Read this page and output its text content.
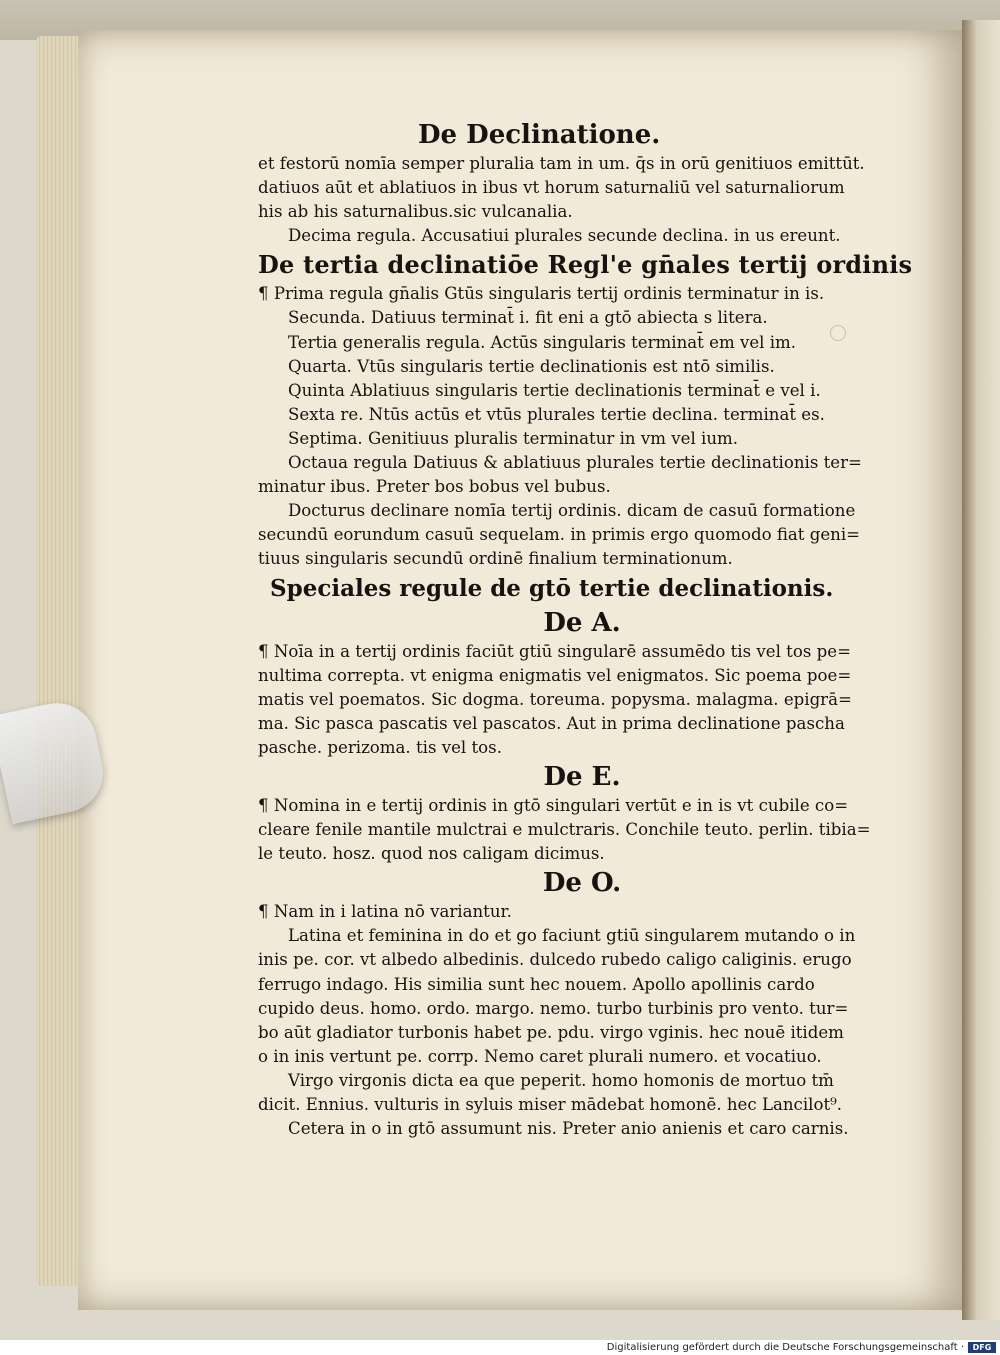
De Declinatione.
et festorū nomīa semper pluralia tam in um. q̄s in orū genitiuos emittūt.
datiuos aūt et ablatiuos in ibus vt horum saturnaliū vel saturnaliorum
his ab his saturnalibus.sic vulcanalia.
Decima regula. Accusatiui plurales secunde declina. in us ereunt.
De tertia declinatiōe Regl'e gn̄ales tertij ordinis
¶ Prima regula gn̄alis Gtūs singularis tertij ordinis terminatur in is.
Secunda. Datiuus terminat̄ i. fit eni a gtō abiecta s litera.
Tertia generalis regula. Actūs singularis terminat̄ em vel im.
Quarta. Vtūs singularis tertie declinationis est ntō similis.
Quinta Ablatiuus singularis tertie declinationis terminat̄ e vel i.
Sexta re. Ntūs actūs et vtūs plurales tertie declina. terminat̄ es.
Septima. Genitiuus pluralis terminatur in vm vel ium.
Octaua regula Datiuus & ablatiuus plurales tertie declinationis ter=
minatur ibus. Preter bos bobus vel bubus.
Docturus declinare nomīa tertij ordinis. dicam de casuū formatione
secundū eorundum casuū sequelam. in primis ergo quomodo fiat geni=
tiuus singularis secundū ordinē finalium terminationum.
Speciales regule de gtō tertie declinationis.
De A.
¶ Noīa in a tertij ordinis faciūt gtiū singularē assumēdo tis vel tos pe=
nultima correpta. vt enigma enigmatis vel enigmatos. Sic poema poe=
matis vel poematos. Sic dogma. toreuma. popysma. malagma. epigrā=
ma. Sic pasca pascatis vel pascatos. Aut in prima declinatione pascha
pasche. perizoma. tis vel tos.
De E.
¶ Nomina in e tertij ordinis in gtō singulari vertūt e in is vt cubile co=
cleare fenile mantile mulctrai e mulctraris. Conchile teuto. perlin. tibia=
le teuto. hosz. quod nos caligam dicimus.
De O.
¶ Nam in i latina nō variantur.
Latina et feminina in do et go faciunt gtiū singularem mutando o in
inis pe. cor. vt albedo albedinis. dulcedo rubedo caligo caliginis. erugo
ferrugo indago. His similia sunt hec nouem. Apollo apollinis cardo
cupido deus. homo. ordo. margo. nemo. turbo turbinis pro vento. tur=
bo aūt gladiator turbonis habet pe. pdu. virgo vginis. hec nouē itidem
o in inis vertunt pe. corrp. Nemo caret plurali numero. et vocatiuo.
Virgo virgonis dicta ea que peperit. homo homonis de mortuo tm̄
dicit. Ennius. vulturis in syluis miser mādebat homonē. hec Lancilot⁹.
Cetera in o in gtō assumunt nis. Preter anio anienis et caro carnis.
Digitalisierung gefördert durch die Deutsche Forschungsgemeinschaft ·	DFG
